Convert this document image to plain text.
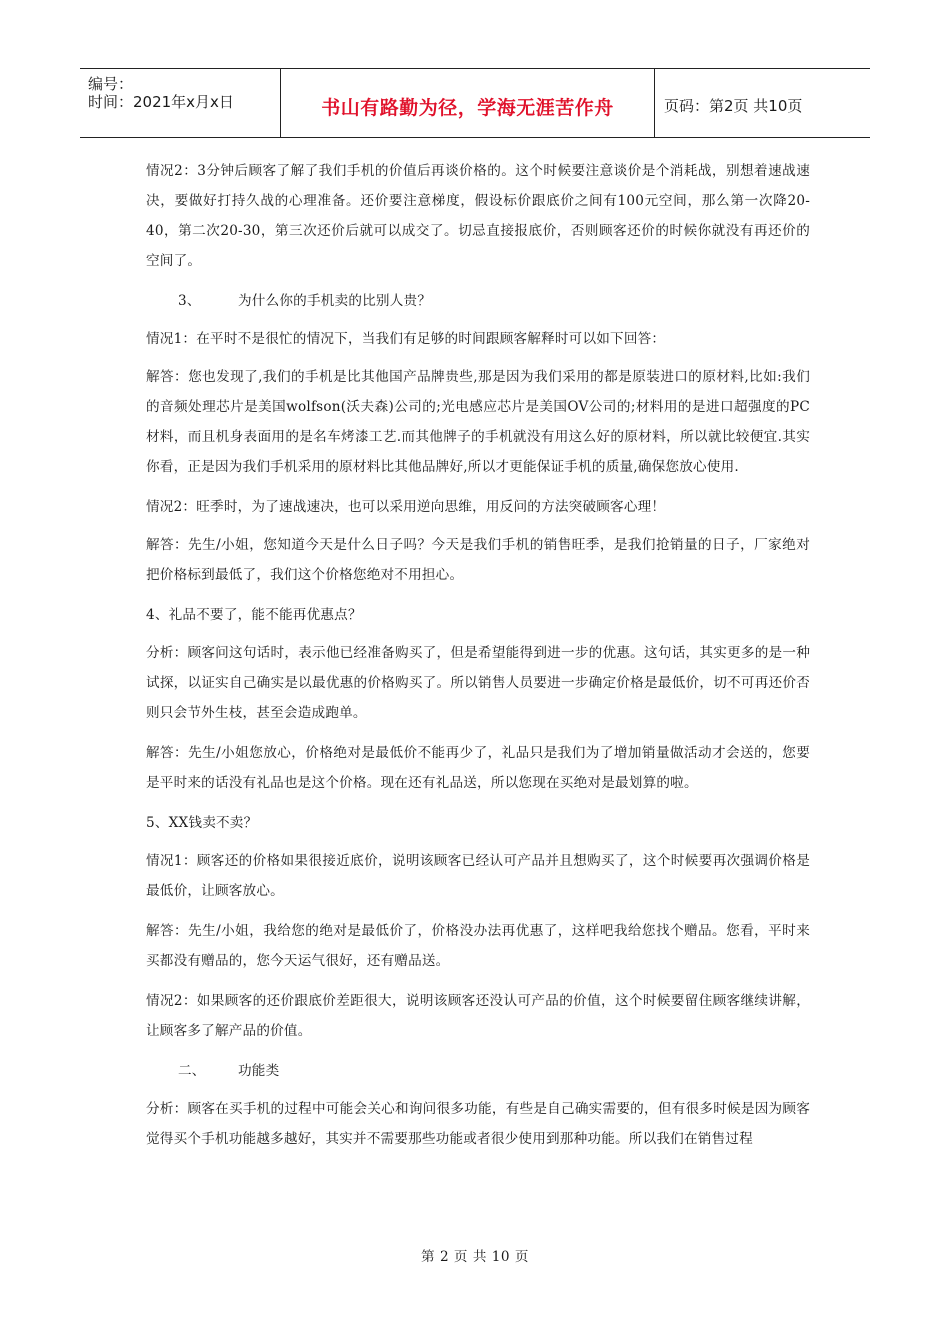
编号：
时间：2021年x月x日	书山有路勤为径，学海无涯苦作舟	页码：第2页 共10页

情况2：3分钟后顾客了解了我们手机的价值后再谈价格的。这个时候要注意谈价是个消耗战，别想着速战速决，要做好打持久战的心理准备。还价要注意梯度，假设标价跟底价之间有100元空间，那么第一次降20-40，第二次20-30，第三次还价后就可以成交了。切忌直接报底价，否则顾客还价的时候你就没有再还价的空间了。

3、	为什么你的手机卖的比别人贵？

情况1：在平时不是很忙的情况下，当我们有足够的时间跟顾客解释时可以如下回答：

解答：您也发现了,我们的手机是比其他国产品牌贵些,那是因为我们采用的都是原装进口的原材料,比如:我们的音频处理芯片是美国wolfson(沃夫森)公司的;光电感应芯片是美国OV公司的;材料用的是进口超强度的PC材料，而且机身表面用的是名车烤漆工艺.而其他牌子的手机就没有用这么好的原材料，所以就比较便宜.其实你看，正是因为我们手机采用的原材料比其他品牌好,所以才更能保证手机的质量,确保您放心使用.

情况2：旺季时，为了速战速决，也可以采用逆向思维，用反问的方法突破顾客心理！

解答：先生/小姐，您知道今天是什么日子吗？今天是我们手机的销售旺季，是我们抢销量的日子，厂家绝对把价格标到最低了，我们这个价格您绝对不用担心。

4、礼品不要了，能不能再优惠点？

分析：顾客问这句话时，表示他已经准备购买了，但是希望能得到进一步的优惠。这句话，其实更多的是一种试探，以证实自己确实是以最优惠的价格购买了。所以销售人员要进一步确定价格是最低价，切不可再还价否则只会节外生枝，甚至会造成跑单。

解答：先生/小姐您放心，价格绝对是最低价不能再少了，礼品只是我们为了增加销量做活动才会送的，您要是平时来的话没有礼品也是这个价格。现在还有礼品送，所以您现在买绝对是最划算的啦。

5、XX钱卖不卖？

情况1：顾客还的价格如果很接近底价，说明该顾客已经认可产品并且想购买了，这个时候要再次强调价格是最低价，让顾客放心。

解答：先生/小姐，我给您的绝对是最低价了，价格没办法再优惠了，这样吧我给您找个赠品。您看，平时来买都没有赠品的，您今天运气很好，还有赠品送。

情况2：如果顾客的还价跟底价差距很大，说明该顾客还没认可产品的价值，这个时候要留住顾客继续讲解，让顾客多了解产品的价值。

二、 功能类

分析：顾客在买手机的过程中可能会关心和询问很多功能，有些是自己确实需要的，但有很多时候是因为顾客觉得买个手机功能越多越好，其实并不需要那些功能或者很少使用到那种功能。所以我们在销售过程

第 2 页 共 10 页
